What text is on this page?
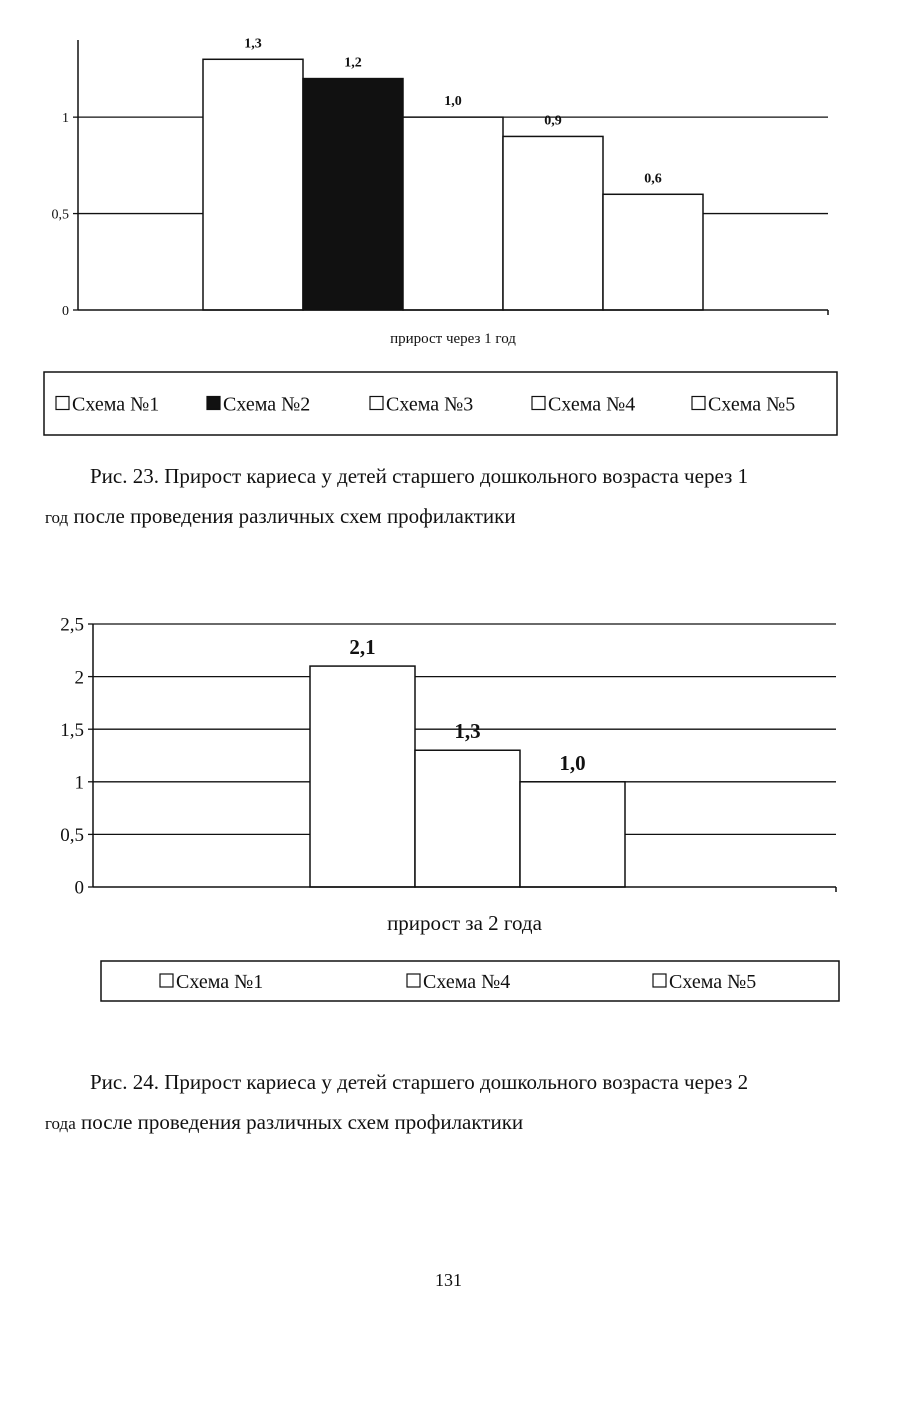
0
0,5
1
1,3
1,2
1,0
0,9
0,6
прирост через 1 год
Схема №1	Схема №2	Схема №3	Схема №4	Схема №5

Рис. 23. Прирост кариеса у детей старшего дошкольного возраста через 1
год после проведения различных схем профилактики

0
0,5
1
1,5
2
2,5
2,1
1,3
1,0
прирост за 2 года
Схема №1	Схема №4	Схема №5

Рис. 24. Прирост кариеса у детей старшего дошкольного возраста через 2
года после проведения различных схем профилактики

131
